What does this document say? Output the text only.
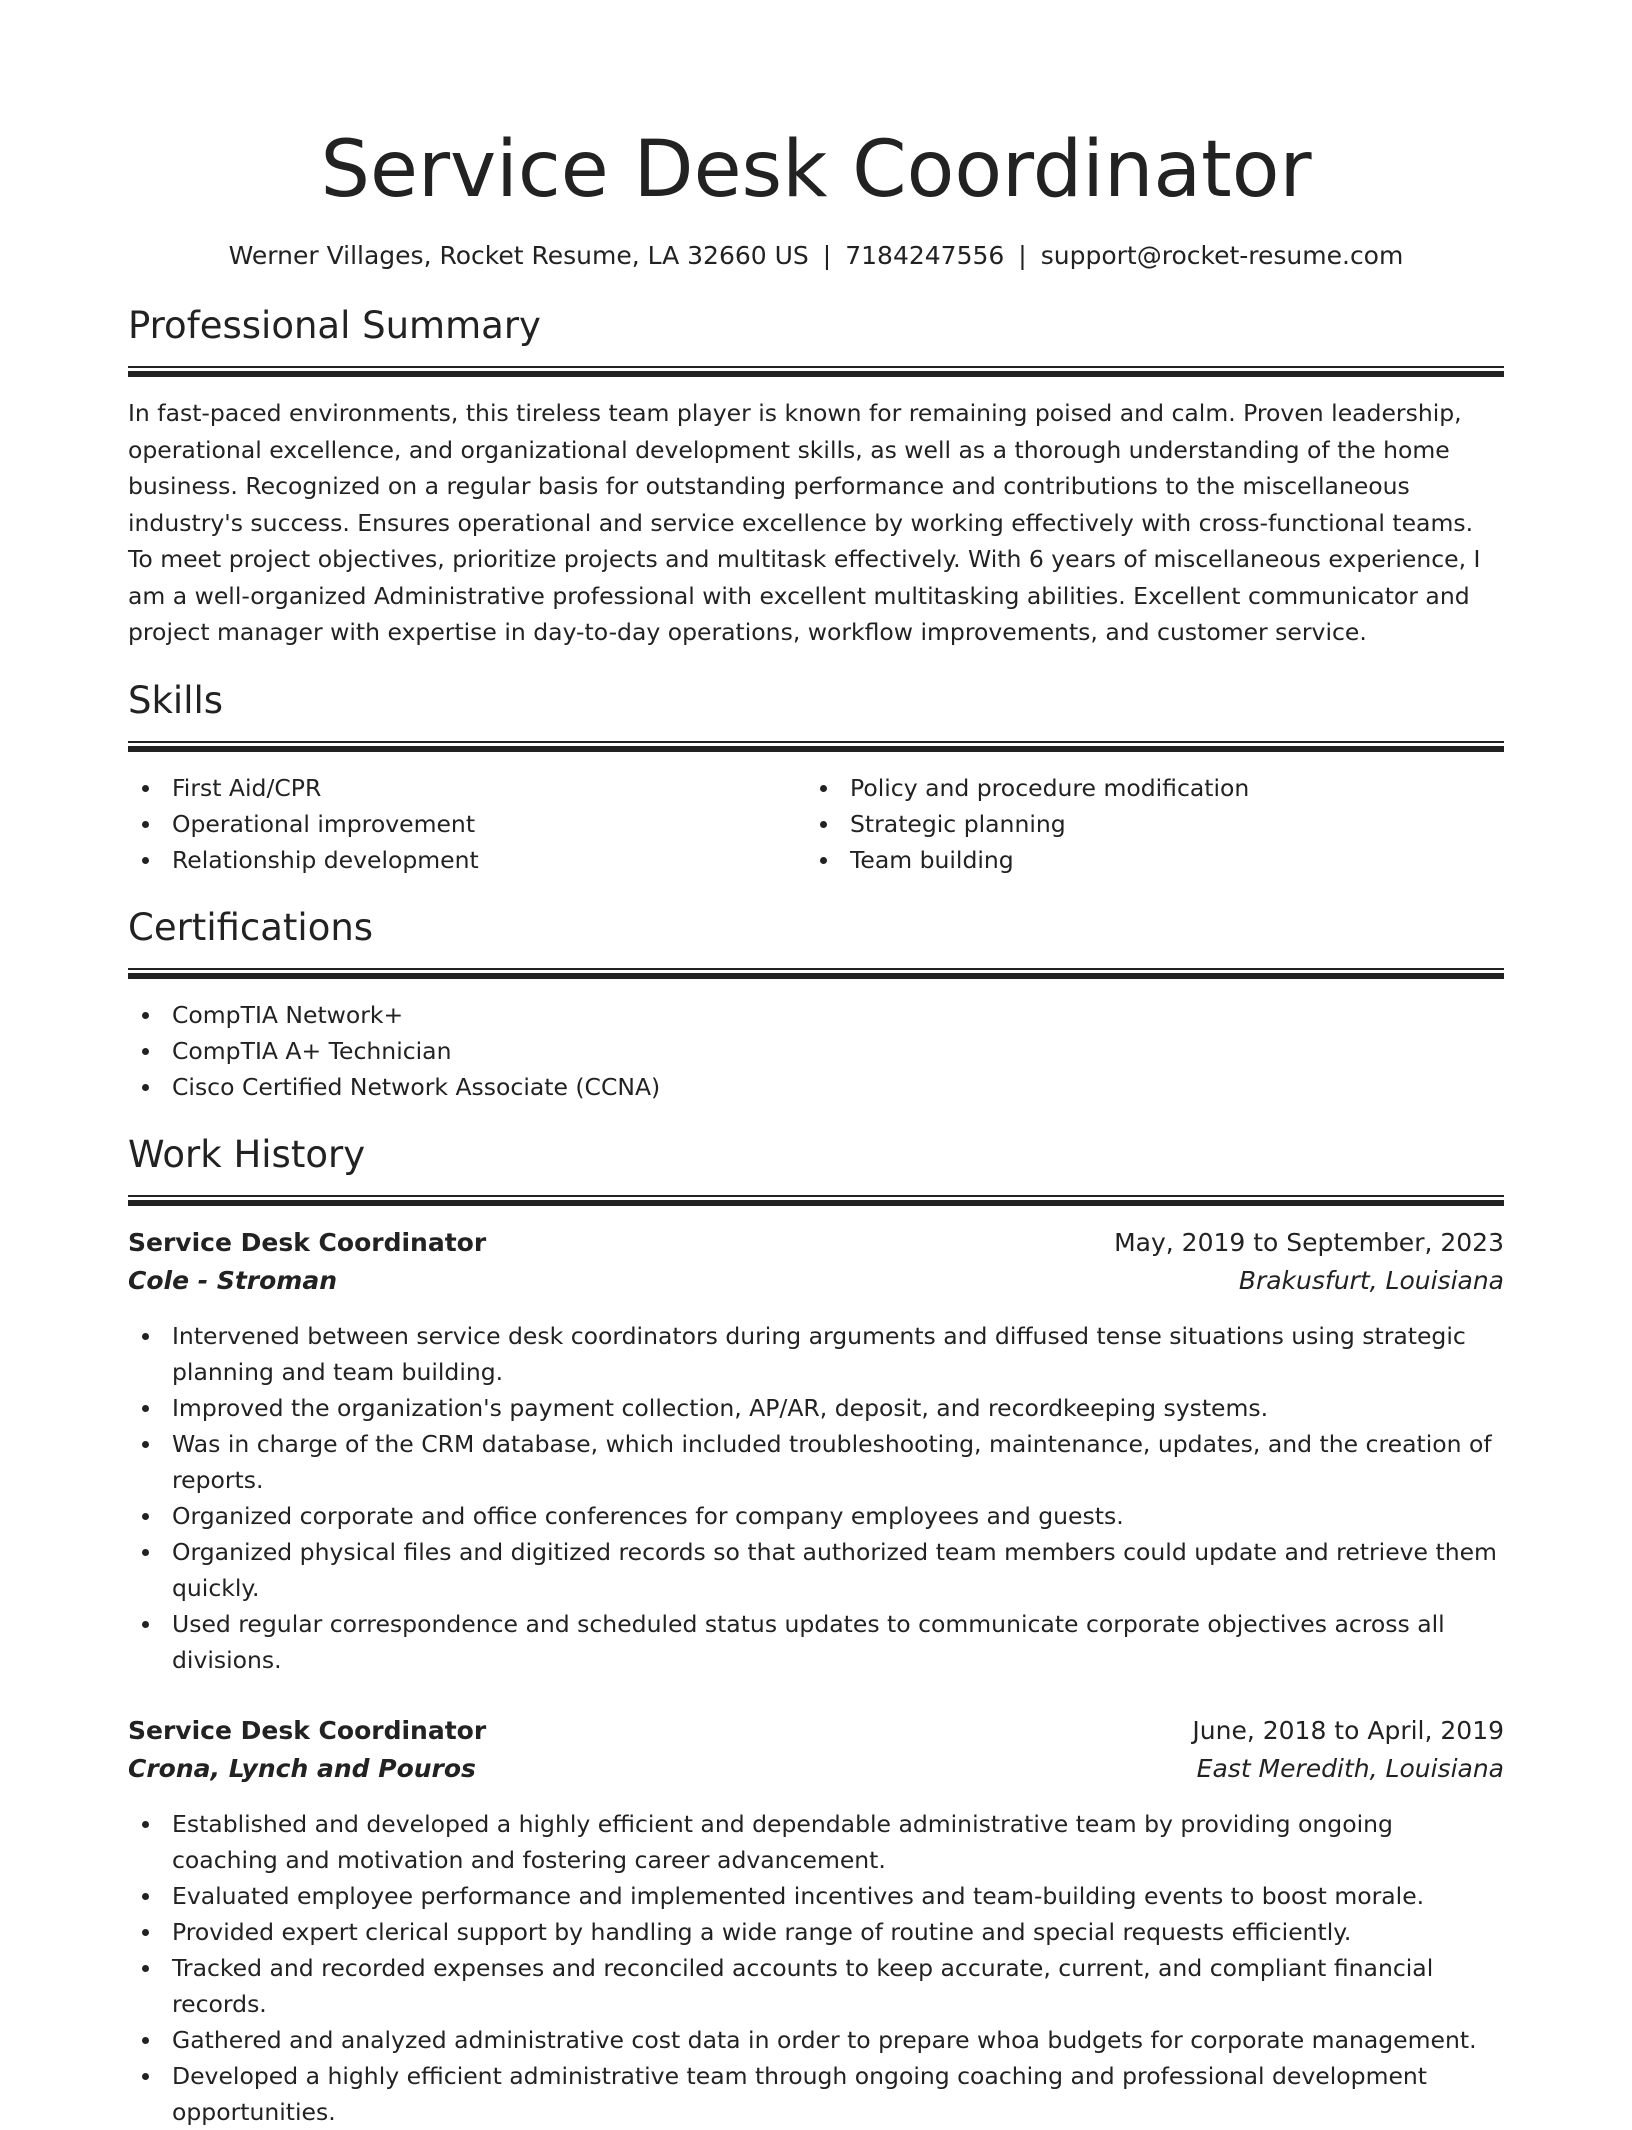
Service Desk Coordinator
Werner Villages, Rocket Resume, LA 32660 US | 7184247556 | support@rocket-resume.com
Professional Summary
In fast-paced environments, this tireless team player is known for remaining poised and calm. Proven leadership, operational excellence, and organizational development skills, as well as a thorough understanding of the home business. Recognized on a regular basis for outstanding performance and contributions to the miscellaneous industry's success. Ensures operational and service excellence by working effectively with cross-functional teams. To meet project objectives, prioritize projects and multitask effectively. With 6 years of miscellaneous experience, I am a well-organized Administrative professional with excellent multitasking abilities. Excellent communicator and project manager with expertise in day-to-day operations, workflow improvements, and customer service.
Skills
First Aid/CPR
Operational improvement
Relationship development
Policy and procedure modification
Strategic planning
Team building
Certifications
CompTIA Network+
CompTIA A+ Technician
Cisco Certified Network Associate (CCNA)
Work History
Service Desk Coordinator	May, 2019 to September, 2023
Cole - Stroman	Brakusfurt, Louisiana
Intervened between service desk coordinators during arguments and diffused tense situations using strategic planning and team building.
Improved the organization's payment collection, AP/AR, deposit, and recordkeeping systems.
Was in charge of the CRM database, which included troubleshooting, maintenance, updates, and the creation of reports.
Organized corporate and office conferences for company employees and guests.
Organized physical files and digitized records so that authorized team members could update and retrieve them quickly.
Used regular correspondence and scheduled status updates to communicate corporate objectives across all divisions.
Service Desk Coordinator	June, 2018 to April, 2019
Crona, Lynch and Pouros	East Meredith, Louisiana
Established and developed a highly efficient and dependable administrative team by providing ongoing coaching and motivation and fostering career advancement.
Evaluated employee performance and implemented incentives and team-building events to boost morale.
Provided expert clerical support by handling a wide range of routine and special requests efficiently.
Tracked and recorded expenses and reconciled accounts to keep accurate, current, and compliant financial records.
Gathered and analyzed administrative cost data in order to prepare whoa budgets for corporate management.
Developed a highly efficient administrative team through ongoing coaching and professional development opportunities.
